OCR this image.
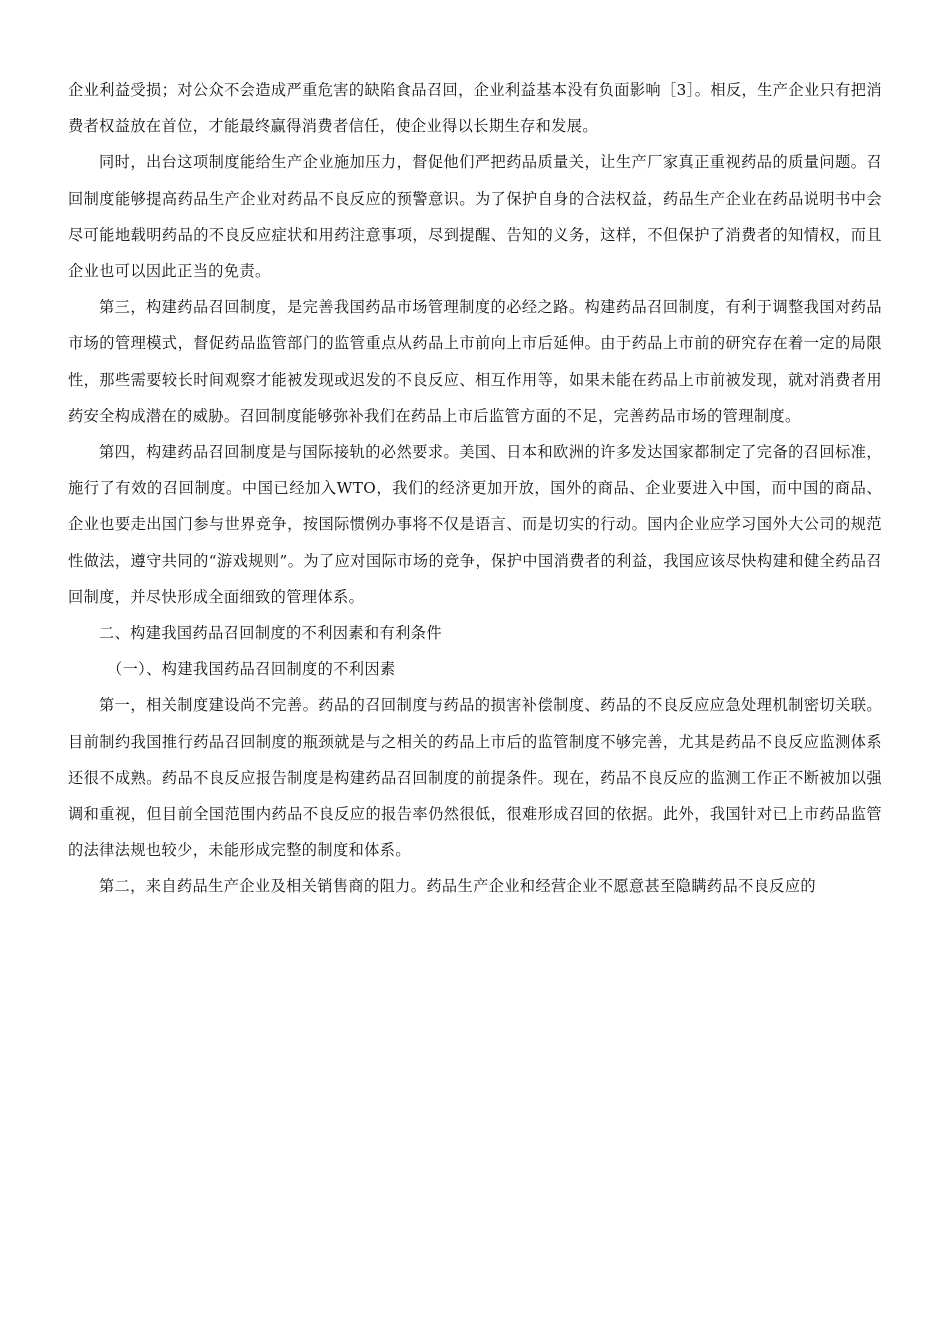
企业利益受损；对公众不会造成严重危害的缺陷食品召回，企业利益基本没有负面影响［3］。相反，生产企业只有把消费者权益放在首位，才能最终赢得消费者信任，使企业得以长期生存和发展。

同时，出台这项制度能给生产企业施加压力，督促他们严把药品质量关，让生产厂家真正重视药品的质量问题。召回制度能够提高药品生产企业对药品不良反应的预警意识。为了保护自身的合法权益，药品生产企业在药品说明书中会尽可能地载明药品的不良反应症状和用药注意事项，尽到提醒、告知的义务，这样，不但保护了消费者的知情权，而且企业也可以因此正当的免责。

第三，构建药品召回制度，是完善我国药品市场管理制度的必经之路。构建药品召回制度，有利于调整我国对药品市场的管理模式，督促药品监管部门的监管重点从药品上市前向上市后延伸。由于药品上市前的研究存在着一定的局限性，那些需要较长时间观察才能被发现或迟发的不良反应、相互作用等，如果未能在药品上市前被发现，就对消费者用药安全构成潜在的威胁。召回制度能够弥补我们在药品上市后监管方面的不足，完善药品市场的管理制度。

第四，构建药品召回制度是与国际接轨的必然要求。美国、日本和欧洲的许多发达国家都制定了完备的召回标准，施行了有效的召回制度。中国已经加入WTO，我们的经济更加开放，国外的商品、企业要进入中国，而中国的商品、企业也要走出国门参与世界竞争，按国际惯例办事将不仅是语言、而是切实的行动。国内企业应学习国外大公司的规范性做法，遵守共同的“游戏规则”。为了应对国际市场的竞争，保护中国消费者的利益，我国应该尽快构建和健全药品召回制度，并尽快形成全面细致的管理体系。

二、构建我国药品召回制度的不利因素和有利条件

（一）、构建我国药品召回制度的不利因素

第一，相关制度建设尚不完善。药品的召回制度与药品的损害补偿制度、药品的不良反应应急处理机制密切关联。目前制约我国推行药品召回制度的瓶颈就是与之相关的药品上市后的监管制度不够完善，尤其是药品不良反应监测体系还很不成熟。药品不良反应报告制度是构建药品召回制度的前提条件。现在，药品不良反应的监测工作正不断被加以强调和重视，但目前全国范围内药品不良反应的报告率仍然很低，很难形成召回的依据。此外，我国针对已上市药品监管的法律法规也较少，未能形成完整的制度和体系。

第二，来自药品生产企业及相关销售商的阻力。药品生产企业和经营企业不愿意甚至隐瞒药品不良反应的
